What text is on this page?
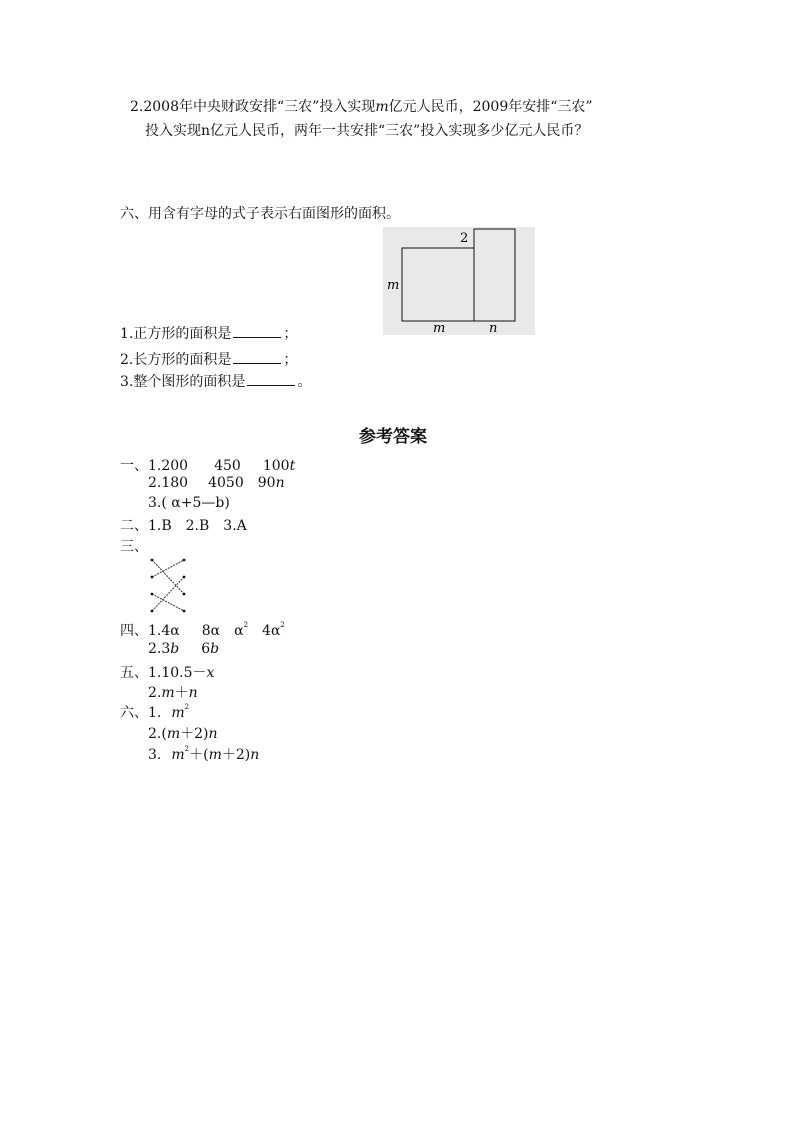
2.2008年中央财政安排“三农”投入实现m亿元人民币，2009年安排“三农”
投入实现n亿元人民币，两年一共安排“三农”投入实现多少亿元人民币？
六、用含有字母的式子表示右面图形的面积。
2
m
m	n
1.正方形的面积是	；
2.长方形的面积是	；
3.整个图形的面积是	。
参考答案
一、1.200 450 100t
2.180 4050 90n
3.( α+5—b)
二、1.B　2.B　3.A
三、
四、1.4α 8α $\alpha^2$ $4\alpha^2$
2.3b 6b
五、1.10.5－x
2.m＋n
六、1. $m^2$
2.(m＋2)n
3. $m^2+(m+2)n$
